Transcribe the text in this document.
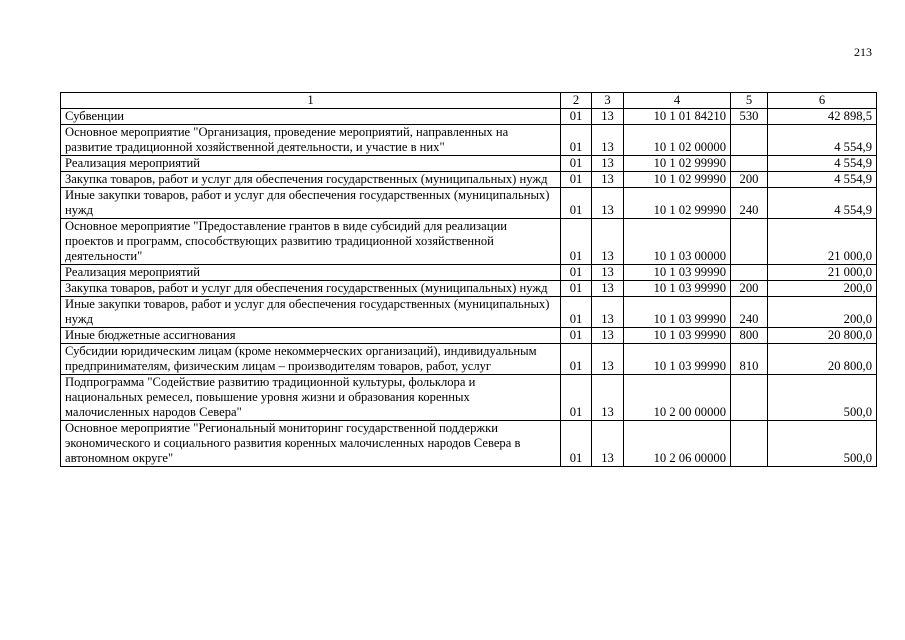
213
1	2	3	4	5	6
Субвенции	01	13	10 1 01 84210	530	42 898,5
Основное мероприятие "Организация, проведение мероприятий, направленных на развитие традиционной хозяйственной деятельности, и участие в них"	01	13	10 1 02 00000		4 554,9
Реализация мероприятий	01	13	10 1 02 99990		4 554,9
Закупка товаров, работ и услуг для обеспечения государственных (муниципальных) нужд	01	13	10 1 02 99990	200	4 554,9
Иные закупки товаров, работ и услуг для обеспечения государственных (муниципальных) нужд	01	13	10 1 02 99990	240	4 554,9
Основное мероприятие "Предоставление грантов в виде субсидий для реализации проектов и программ, способствующих развитию традиционной хозяйственной деятельности"	01	13	10 1 03 00000		21 000,0
Реализация мероприятий	01	13	10 1 03 99990		21 000,0
Закупка товаров, работ и услуг для обеспечения государственных (муниципальных) нужд	01	13	10 1 03 99990	200	200,0
Иные закупки товаров, работ и услуг для обеспечения государственных (муниципальных) нужд	01	13	10 1 03 99990	240	200,0
Иные бюджетные ассигнования	01	13	10 1 03 99990	800	20 800,0
Субсидии юридическим лицам (кроме некоммерческих организаций), индивидуальным предпринимателям, физическим лицам – производителям товаров, работ, услуг	01	13	10 1 03 99990	810	20 800,0
Подпрограмма "Содействие развитию традиционной культуры, фольклора и национальных ремесел, повышение уровня жизни и образования коренных малочисленных народов Севера"	01	13	10 2 00 00000		500,0
Основное мероприятие "Региональный мониторинг государственной поддержки экономического и социального развития коренных малочисленных народов Севера в автономном округе"	01	13	10 2 06 00000		500,0
